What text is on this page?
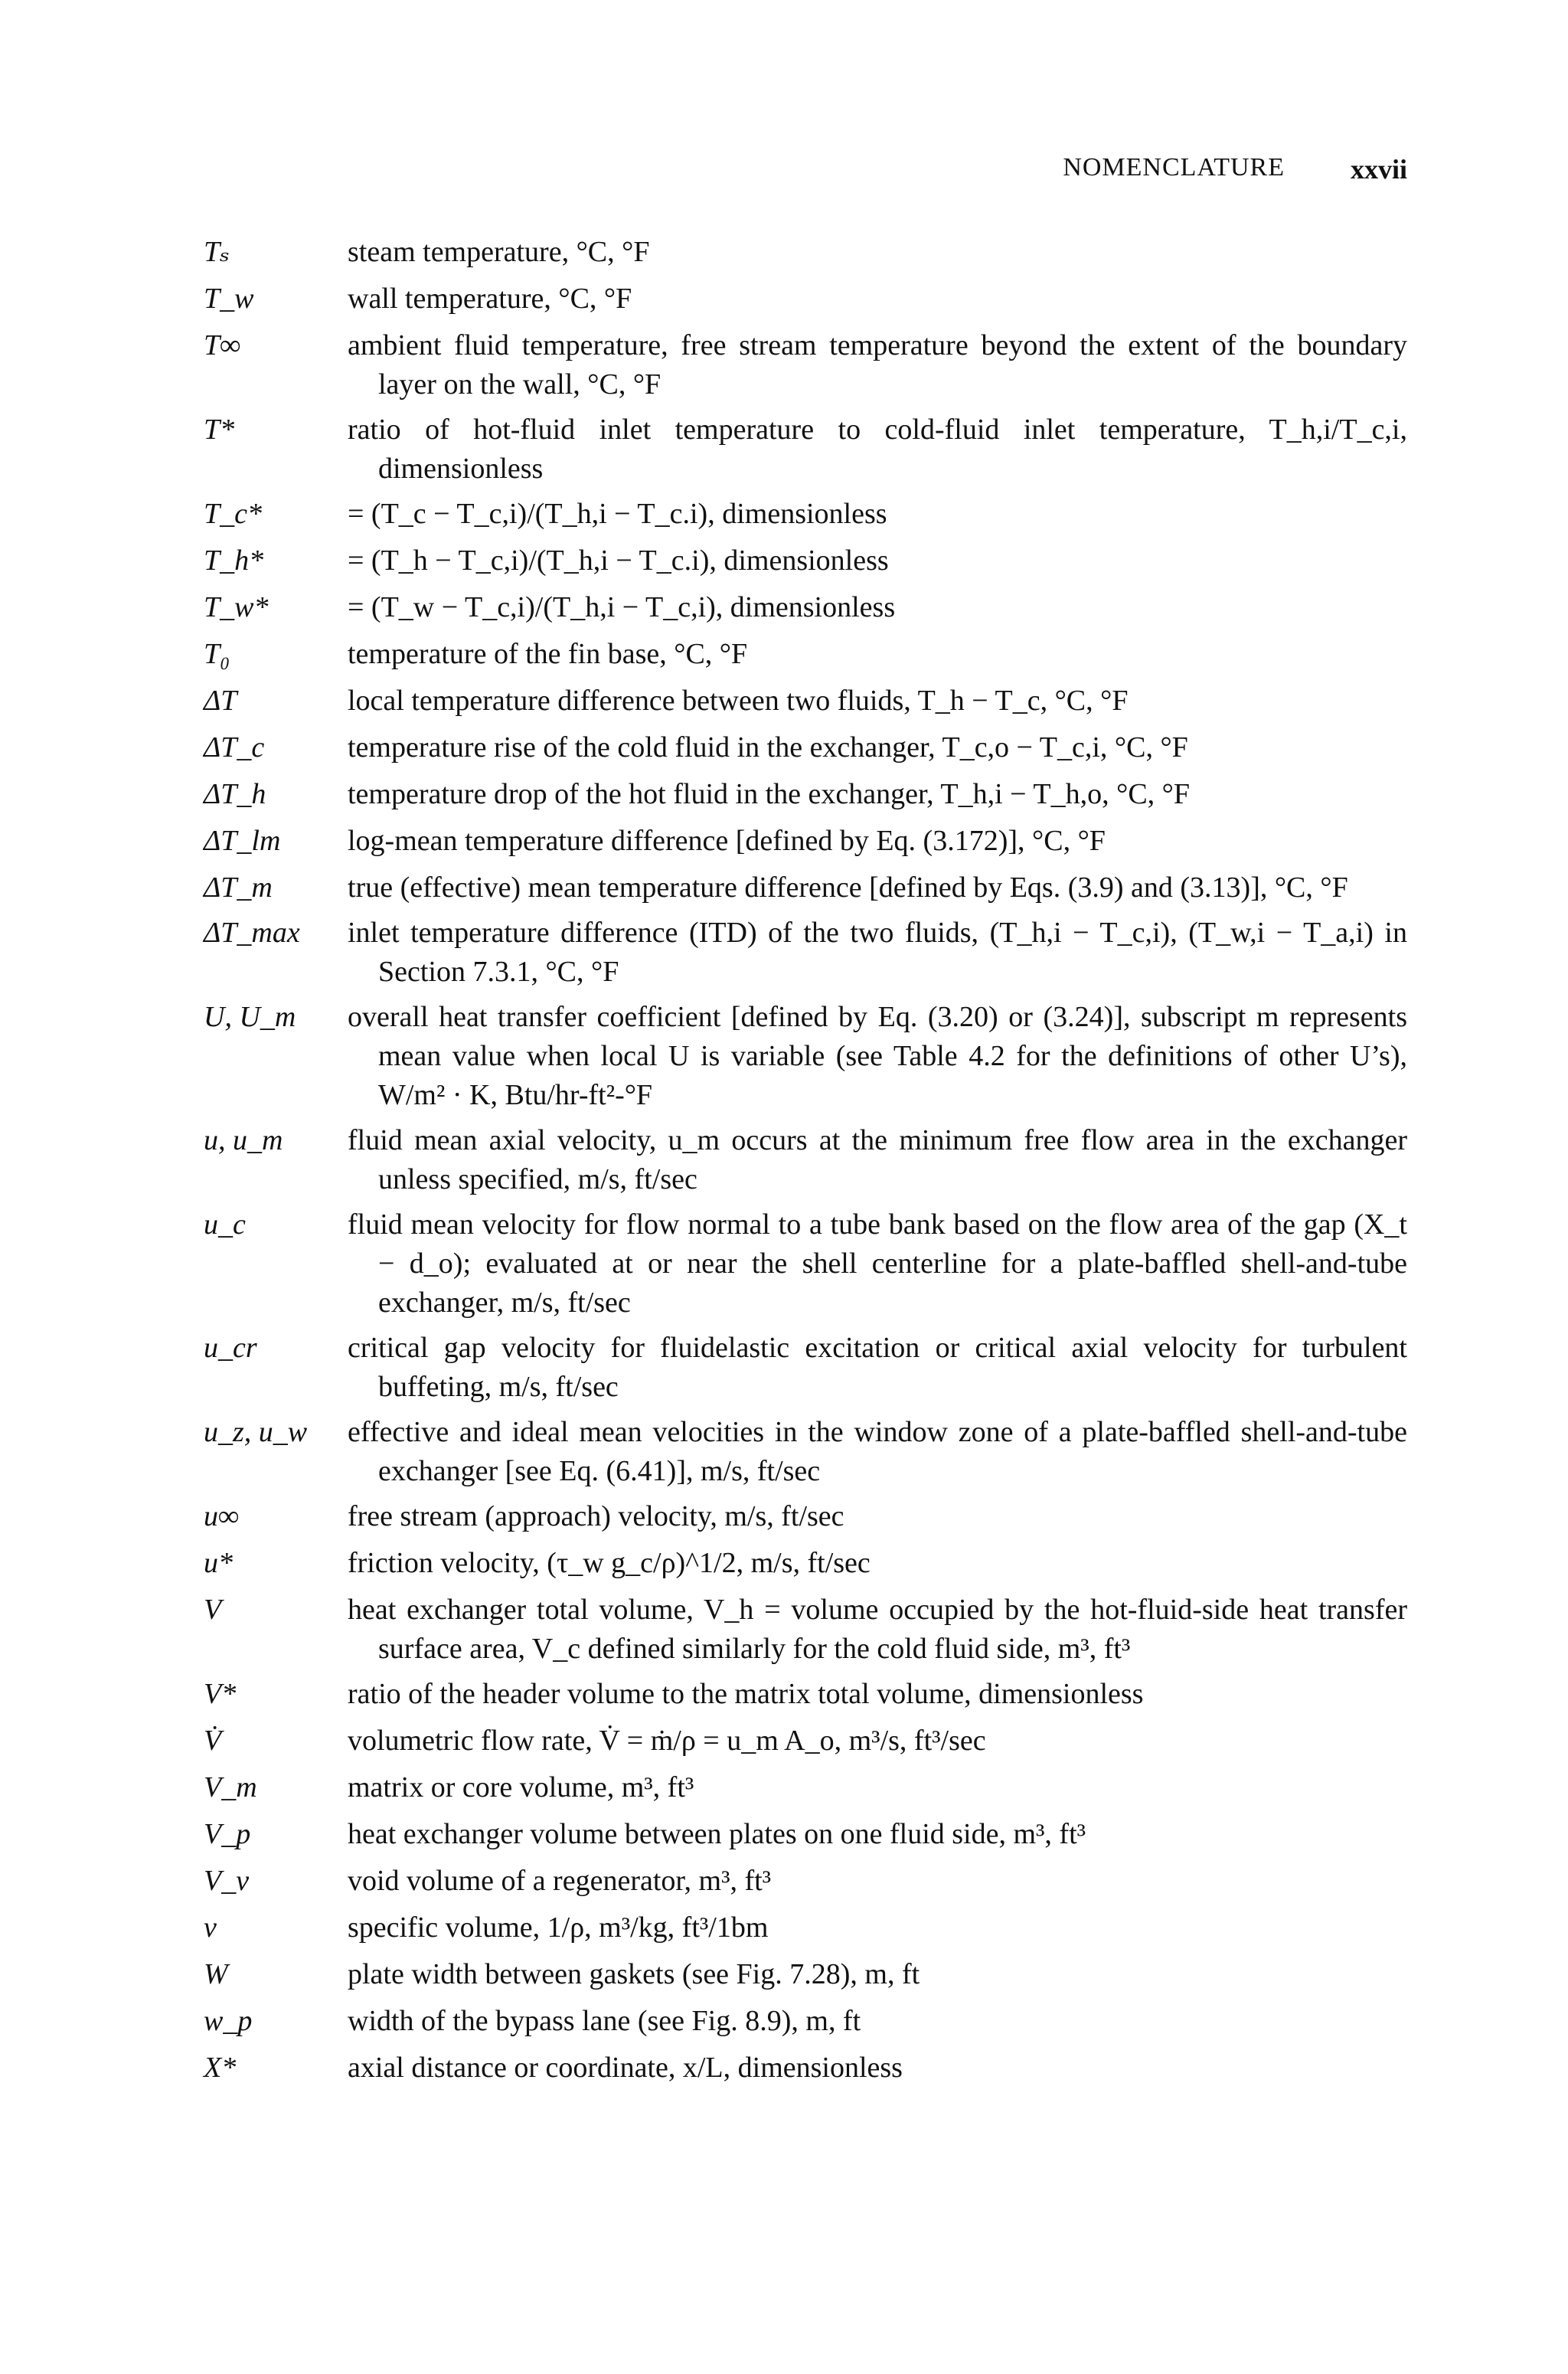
NOMENCLATURE xxvii
Tₛ	steam temperature, °C, °F
T_w	wall temperature, °C, °F
T∞	ambient fluid temperature, free stream temperature beyond the extent of the boundary layer on the wall, °C, °F
T*	ratio of hot-fluid inlet temperature to cold-fluid inlet temperature, T_h,i/T_c,i, dimensionless
T_c*	= (T_c − T_c,i)/(T_h,i − T_c.i), dimensionless
T_h*	= (T_h − T_c,i)/(T_h,i − T_c.i), dimensionless
T_w*	= (T_w − T_c,i)/(T_h,i − T_c,i), dimensionless
T₀	temperature of the fin base, °C, °F
ΔT	local temperature difference between two fluids, T_h − T_c, °C, °F
ΔT_c	temperature rise of the cold fluid in the exchanger, T_c,o − T_c,i, °C, °F
ΔT_h	temperature drop of the hot fluid in the exchanger, T_h,i − T_h,o, °C, °F
ΔT_lm	log-mean temperature difference [defined by Eq. (3.172)], °C, °F
ΔT_m	true (effective) mean temperature difference [defined by Eqs. (3.9) and (3.13)], °C, °F
ΔT_max	inlet temperature difference (ITD) of the two fluids, (T_h,i − T_c,i), (T_w,i − T_a,i) in Section 7.3.1, °C, °F
U, U_m	overall heat transfer coefficient [defined by Eq. (3.20) or (3.24)], subscript m represents mean value when local U is variable (see Table 4.2 for the definitions of other U’s), W/m² · K, Btu/hr-ft²-°F
u, u_m	fluid mean axial velocity, u_m occurs at the minimum free flow area in the exchanger unless specified, m/s, ft/sec
u_c	fluid mean velocity for flow normal to a tube bank based on the flow area of the gap (X_t − d_o); evaluated at or near the shell centerline for a plate-baffled shell-and-tube exchanger, m/s, ft/sec
u_cr	critical gap velocity for fluidelastic excitation or critical axial velocity for turbulent buffeting, m/s, ft/sec
u_z, u_w	effective and ideal mean velocities in the window zone of a plate-baffled shell-and-tube exchanger [see Eq. (6.41)], m/s, ft/sec
u∞	free stream (approach) velocity, m/s, ft/sec
u*	friction velocity, (τ_w g_c/ρ)^1/2, m/s, ft/sec
V	heat exchanger total volume, V_h = volume occupied by the hot-fluid-side heat transfer surface area, V_c defined similarly for the cold fluid side, m³, ft³
V*	ratio of the header volume to the matrix total volume, dimensionless
V̇	volumetric flow rate, V̇ = ṁ/ρ = u_m A_o, m³/s, ft³/sec
V_m	matrix or core volume, m³, ft³
V_p	heat exchanger volume between plates on one fluid side, m³, ft³
V_v	void volume of a regenerator, m³, ft³
v	specific volume, 1/ρ, m³/kg, ft³/1bm
W	plate width between gaskets (see Fig. 7.28), m, ft
w_p	width of the bypass lane (see Fig. 8.9), m, ft
X*	axial distance or coordinate, x/L, dimensionless
